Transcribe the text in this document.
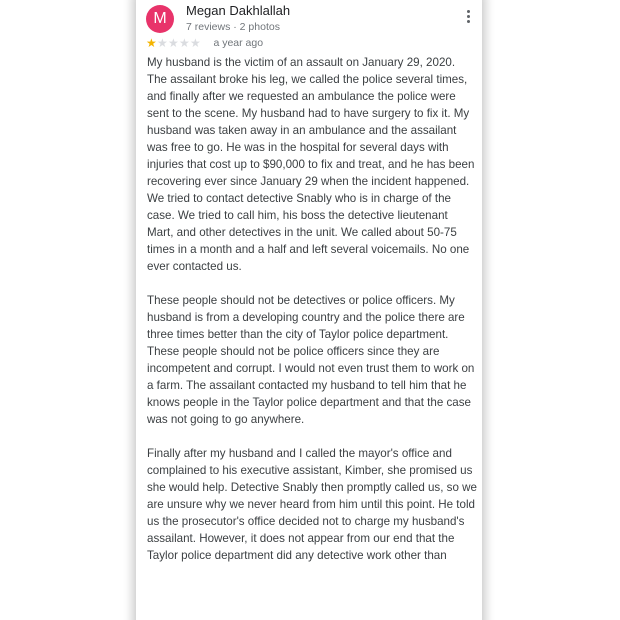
M	Megan Dakhlallah
7 reviews · 2 photos
★★★★★ a year ago

My husband is the victim of an assault on January 29, 2020. The assailant broke his leg, we called the police several times, and finally after we requested an ambulance the police were sent to the scene. My husband had to have surgery to fix it. My husband was taken away in an ambulance and the assailant was free to go. He was in the hospital for several days with injuries that cost up to $90,000 to fix and treat, and he has been recovering ever since January 29 when the incident happened. We tried to contact detective Snably who is in charge of the case. We tried to call him, his boss the detective lieutenant Mart, and other detectives in the unit. We called about 50-75 times in a month and a half and left several voicemails. No one ever contacted us.

These people should not be detectives or police officers. My husband is from a developing country and the police there are three times better than the city of Taylor police department. These people should not be police officers since they are incompetent and corrupt. I would not even trust them to work on a farm. The assailant contacted my husband to tell him that he knows people in the Taylor police department and that the case was not going to go anywhere.

Finally after my husband and I called the mayor's office and complained to his executive assistant, Kimber, she promised us she would help. Detective Snably then promptly called us, so we are unsure why we never heard from him until this point. He told us the prosecutor's office decided not to charge my husband's assailant. However, it does not appear from our end that the Taylor police department did any detective work other than
